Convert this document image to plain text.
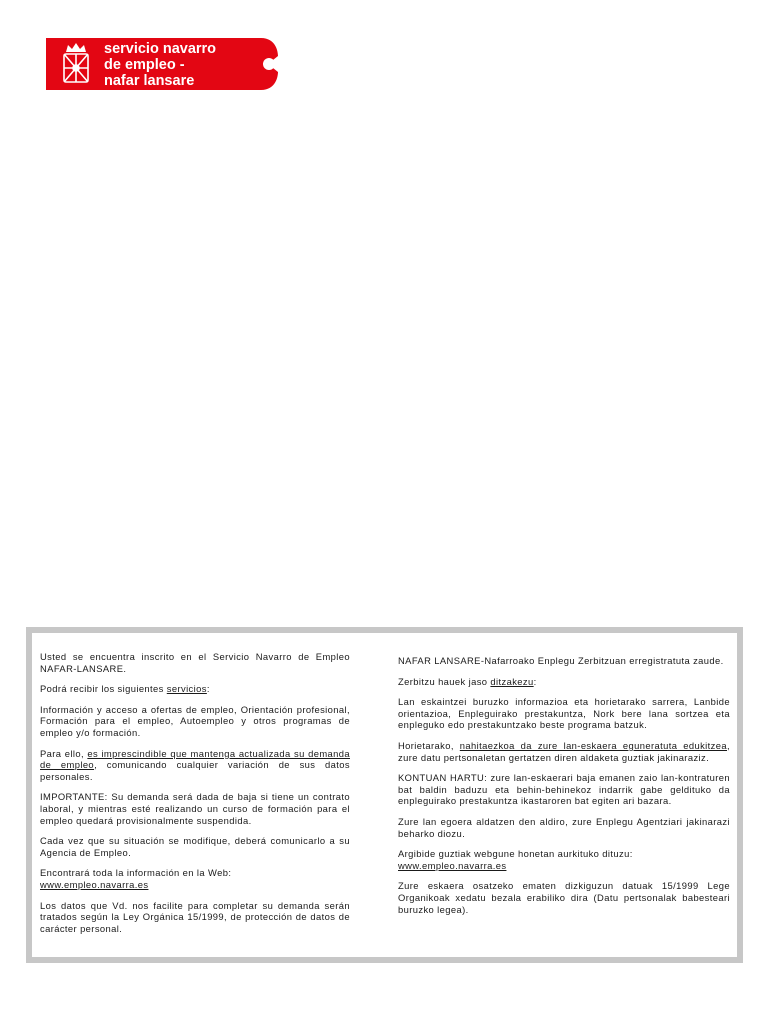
servicio navarro
de empleo -
nafar lansare

Usted se encuentra inscrito en el Servicio Navarro de Empleo NAFAR-LANSARE.

Podrá recibir los siguientes servicios:

Información y acceso a ofertas de empleo, Orientación profesional, Formación para el empleo, Autoempleo y otros programas de empleo y/o formación.

Para ello, es imprescindible que mantenga actualizada su demanda de empleo, comunicando cualquier variación de sus datos personales.

IMPORTANTE: Su demanda será dada de baja si tiene un contrato laboral, y mientras esté realizando un curso de formación para el empleo quedará provisionalmente suspendida.

Cada vez que su situación se modifique, deberá comunicarlo a su Agencia de Empleo.

Encontrará toda la información en la Web:
www.empleo.navarra.es

Los datos que Vd. nos facilite para completar su demanda serán tratados según la Ley Orgánica 15/1999, de protección de datos de carácter personal.

NAFAR LANSARE-Nafarroako Enplegu Zerbitzuan erregistratuta zaude.

Zerbitzu hauek jaso ditzakezu:

Lan eskaintzei buruzko informazioa eta horietarako sarrera, Lanbide orientazioa, Enpleguirako prestakuntza, Nork bere lana sortzea eta enpleguko edo prestakuntzako beste programa batzuk.

Horietarako, nahitaezkoa da zure lan-eskaera eguneratuta edukitzea, zure datu pertsonaletan gertatzen diren aldaketa guztiak jakinaraziz.

KONTUAN HARTU: zure lan-eskaerari baja emanen zaio lan-kontraturen bat baldin baduzu eta behin-behinekoz indarrik gabe geldituko da enpleguirako prestakuntza ikastaroren bat egiten ari bazara.

Zure lan egoera aldatzen den aldiro, zure Enplegu Agentziari jakinarazi beharko diozu.

Argibide guztiak webgune honetan aurkituko dituzu:
www.empleo.navarra.es

Zure eskaera osatzeko ematen dizkiguzun datuak 15/1999 Lege Organikoak xedatu bezala erabiliko dira (Datu pertsonalak babesteari buruzko legea).
